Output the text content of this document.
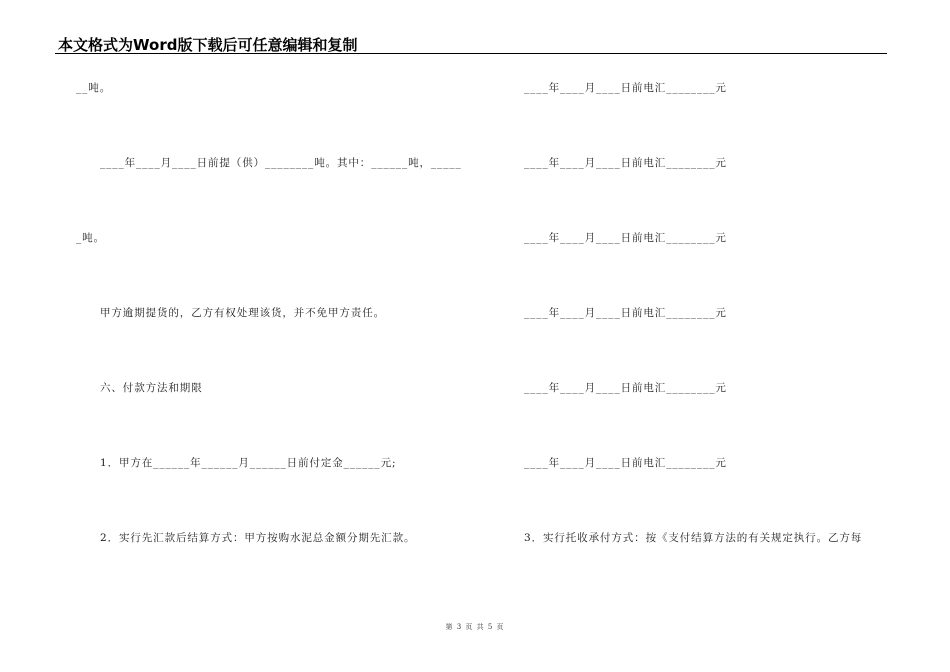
本文格式为Word版下载后可任意编辑和复制
__吨。
____年____月____日前提（供）________吨。其中：______吨，_____
_吨。
甲方逾期提货的，乙方有权处理该货，并不免甲方责任。
六、付款方法和期限
1．甲方在______年______月______日前付定金______元;
2．实行先汇款后结算方式：甲方按购水泥总金额分期先汇款。
____年____月____日前电汇________元
____年____月____日前电汇________元
____年____月____日前电汇________元
____年____月____日前电汇________元
____年____月____日前电汇________元
____年____月____日前电汇________元
3．实行托收承付方式：按《支付结算方法的有关规定执行。乙方每
第 3 页 共 5 页
